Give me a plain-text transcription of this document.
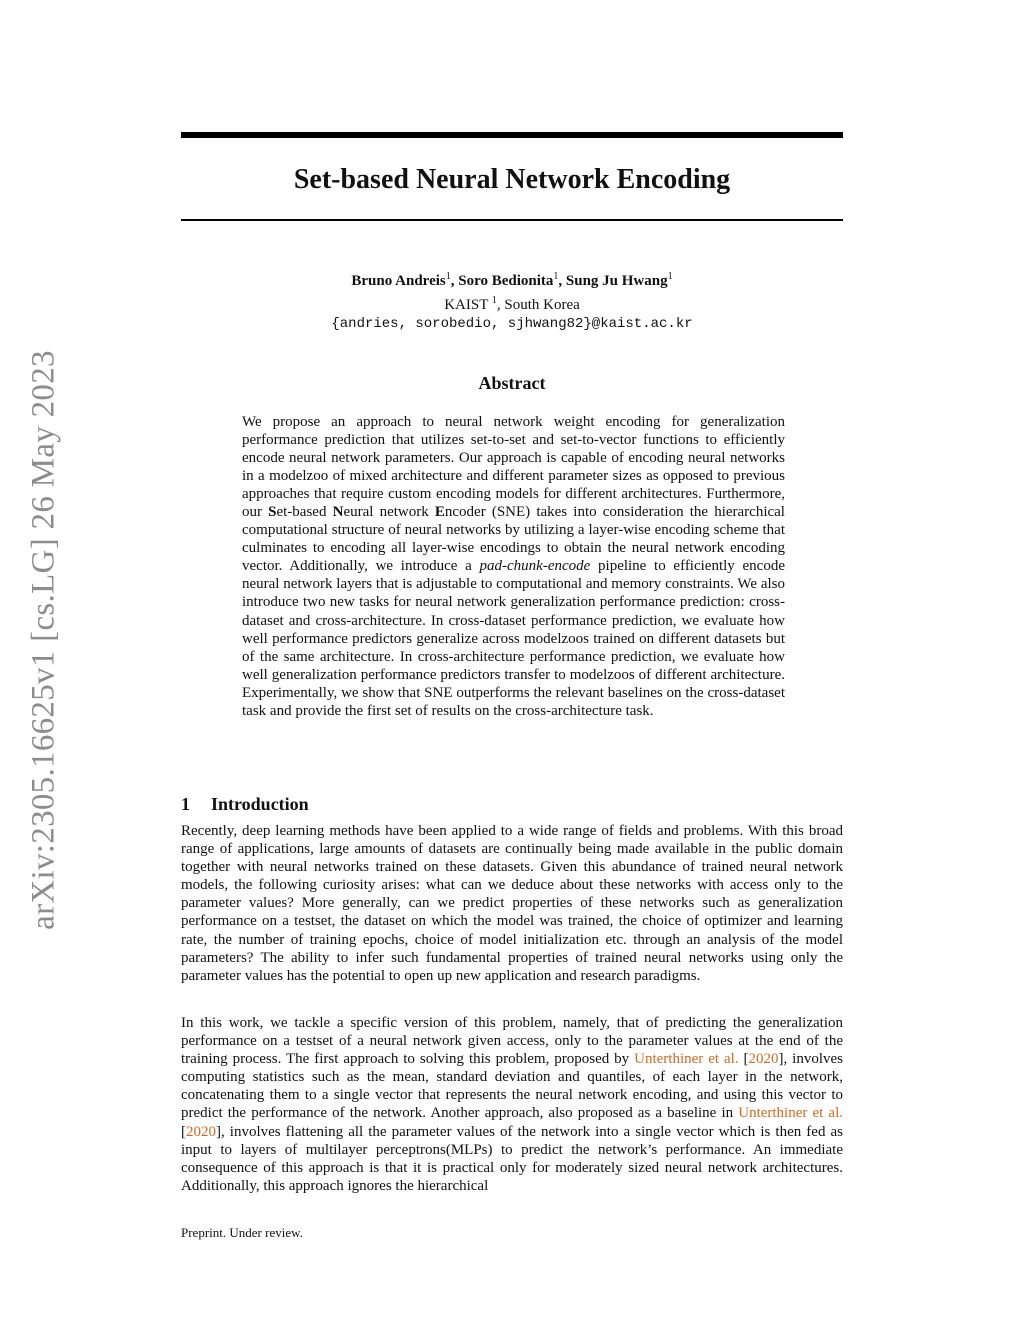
arXiv:2305.16625v1 [cs.LG] 26 May 2023
Set-based Neural Network Encoding
Bruno Andreis$^1$, Soro Bedionita$^1$, Sung Ju Hwang$^1$
KAIST $^1$, South Korea
{andries, sorobedio, sjhwang82}@kaist.ac.kr
Abstract
We propose an approach to neural network weight encoding for generalization performance prediction that utilizes set-to-set and set-to-vector functions to efficiently encode neural network parameters. Our approach is capable of encoding neural networks in a modelzoo of mixed architecture and different parameter sizes as opposed to previous approaches that require custom encoding models for different architectures. Furthermore, our Set-based Neural network Encoder (SNE) takes into consideration the hierarchical computational structure of neural networks by utilizing a layer-wise encoding scheme that culminates to encoding all layer-wise encodings to obtain the neural network encoding vector. Additionally, we introduce a pad-chunk-encode pipeline to efficiently encode neural network layers that is adjustable to computational and memory constraints. We also introduce two new tasks for neural network generalization performance prediction: cross-dataset and cross-architecture. In cross-dataset performance prediction, we evaluate how well performance predictors generalize across modelzoos trained on different datasets but of the same architecture. In cross-architecture performance prediction, we evaluate how well generalization performance predictors transfer to modelzoos of different architecture. Experimentally, we show that SNE outperforms the relevant baselines on the cross-dataset task and provide the first set of results on the cross-architecture task.
1 Introduction
Recently, deep learning methods have been applied to a wide range of fields and problems. With this broad range of applications, large amounts of datasets are continually being made available in the public domain together with neural networks trained on these datasets. Given this abundance of trained neural network models, the following curiosity arises: what can we deduce about these networks with access only to the parameter values? More generally, can we predict properties of these networks such as generalization performance on a testset, the dataset on which the model was trained, the choice of optimizer and learning rate, the number of training epochs, choice of model initialization etc. through an analysis of the model parameters? The ability to infer such fundamental properties of trained neural networks using only the parameter values has the potential to open up new application and research paradigms.
In this work, we tackle a specific version of this problem, namely, that of predicting the generalization performance on a testset of a neural network given access, only to the parameter values at the end of the training process. The first approach to solving this problem, proposed by Unterthiner et al. [2020], involves computing statistics such as the mean, standard deviation and quantiles, of each layer in the network, concatenating them to a single vector that represents the neural network encoding, and using this vector to predict the performance of the network. Another approach, also proposed as a baseline in Unterthiner et al. [2020], involves flattening all the parameter values of the network into a single vector which is then fed as input to layers of multilayer perceptrons(MLPs) to predict the network’s performance. An immediate consequence of this approach is that it is practical only for moderately sized neural network architectures. Additionally, this approach ignores the hierarchical
Preprint. Under review.
